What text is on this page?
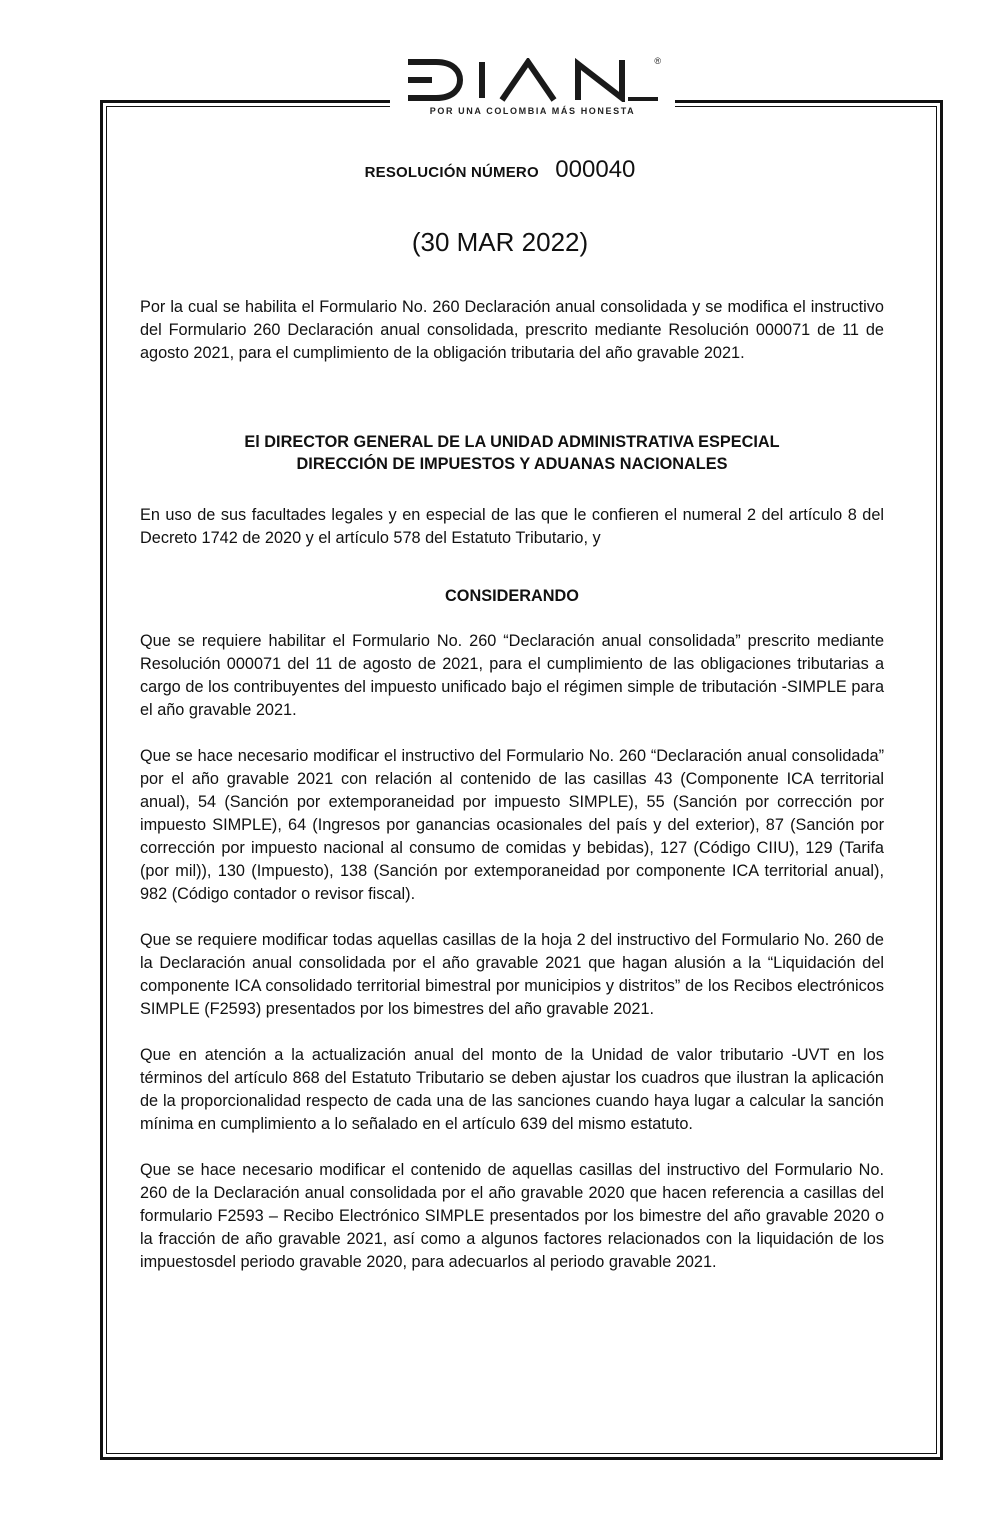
®
POR UNA COLOMBIA MÁS HONESTA
RESOLUCIÓN NÚMERO 000040
(30 MAR 2022)
Por la cual se habilita el Formulario No. 260 Declaración anual consolidada y se modifica el instructivo del Formulario 260 Declaración anual consolidada, prescrito mediante Resolución 000071 de 11 de agosto 2021, para el cumplimiento de la obligación tributaria del año gravable 2021.
El DIRECTOR GENERAL DE LA UNIDAD ADMINISTRATIVA ESPECIAL
DIRECCIÓN DE IMPUESTOS Y ADUANAS NACIONALES
En uso de sus facultades legales y en especial de las que le confieren el numeral 2 del artículo 8 del Decreto 1742 de 2020 y el artículo 578 del Estatuto Tributario, y
CONSIDERANDO

Que se requiere habilitar el Formulario No. 260 “Declaración anual consolidada” prescrito mediante Resolución 000071 del 11 de agosto de 2021, para el cumplimiento de las obligaciones tributarias a cargo de los contribuyentes del impuesto unificado bajo el régimen simple de tributación -SIMPLE para el año gravable 2021.

Que se hace necesario modificar el instructivo del Formulario No. 260 “Declaración anual consolidada” por el año gravable 2021 con relación al contenido de las casillas 43 (Componente ICA territorial anual), 54 (Sanción por extemporaneidad por impuesto SIMPLE), 55 (Sanción por corrección por impuesto SIMPLE), 64 (Ingresos por ganancias ocasionales del país y del exterior), 87 (Sanción por corrección por impuesto nacional al consumo de comidas y bebidas), 127 (Código CIIU), 129 (Tarifa (por mil)), 130 (Impuesto), 138 (Sanción por extemporaneidad por componente ICA territorial anual), 982 (Código contador o revisor fiscal).

Que se requiere modificar todas aquellas casillas de la hoja 2 del instructivo del Formulario No. 260 de la Declaración anual consolidada por el año gravable 2021 que hagan alusión a la “Liquidación del componente ICA consolidado territorial bimestral por municipios y distritos” de los Recibos electrónicos SIMPLE (F2593) presentados por los bimestres del año gravable 2021.

Que en atención a la actualización anual del monto de la Unidad de valor tributario -UVT en los términos del artículo 868 del Estatuto Tributario se deben ajustar los cuadros que ilustran la aplicación de la proporcionalidad respecto de cada una de las sanciones cuando haya lugar a calcular la sanción mínima en cumplimiento a lo señalado en el artículo 639 del mismo estatuto.

Que se hace necesario modificar el contenido de aquellas casillas del instructivo del Formulario No. 260 de la Declaración anual consolidada por el año gravable 2020 que hacen referencia a casillas del formulario F2593 – Recibo Electrónico SIMPLE presentados por los bimestre del año gravable 2020 o la fracción de año gravable 2021, así como a algunos factores relacionados con la liquidación de los impuestosdel periodo gravable 2020, para adecuarlos al periodo gravable 2021.
